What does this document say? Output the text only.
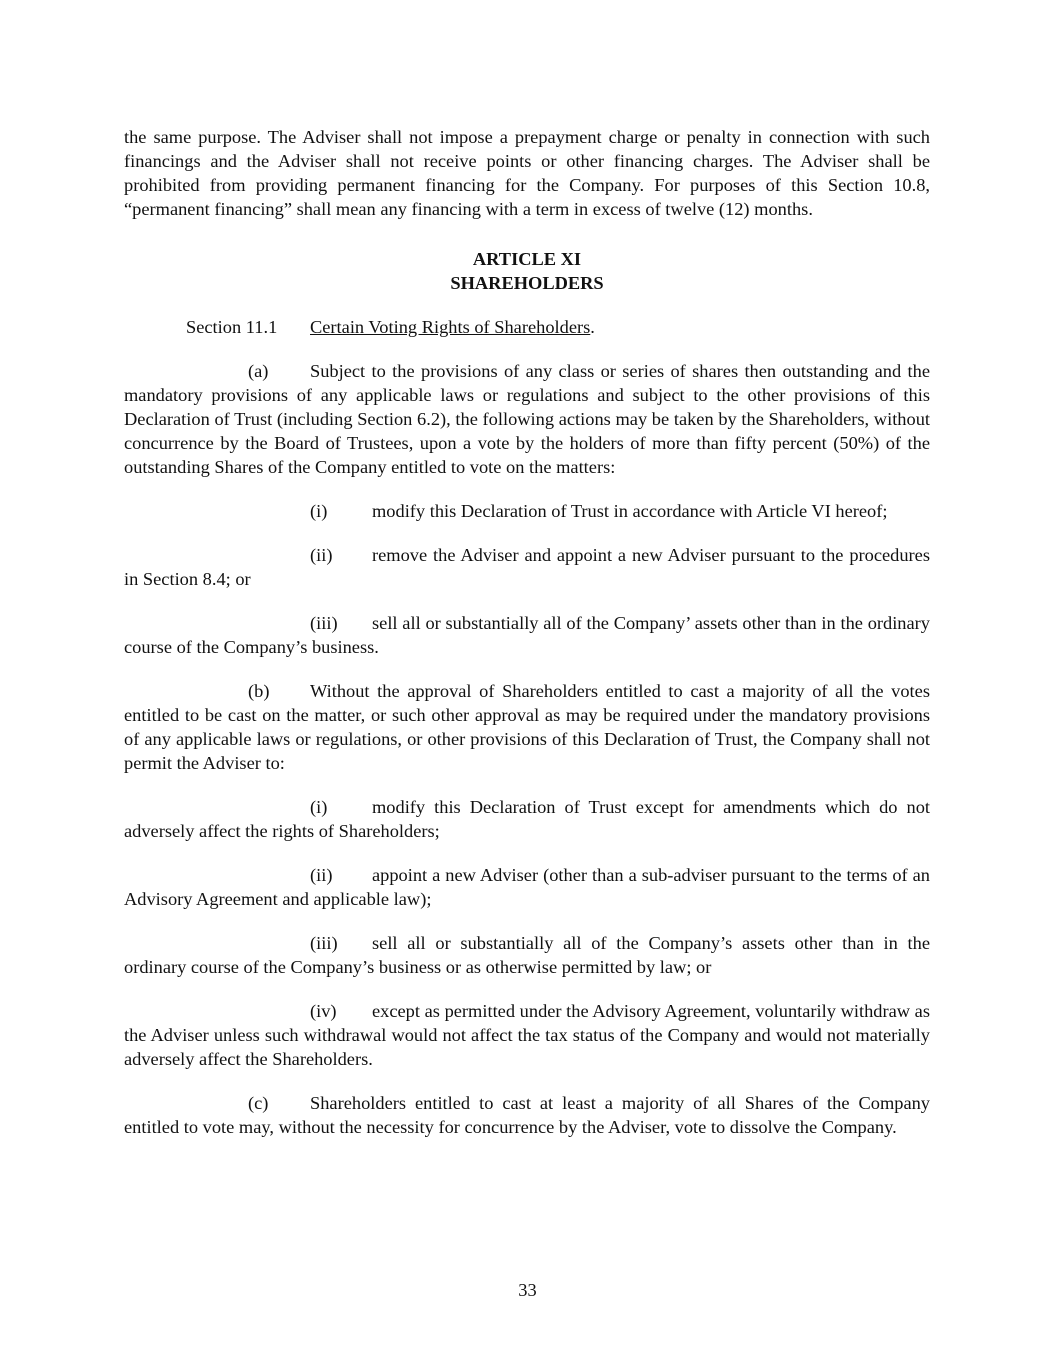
the same purpose. The Adviser shall not impose a prepayment charge or penalty in connection with such financings and the Adviser shall not receive points or other financing charges. The Adviser shall be prohibited from providing permanent financing for the Company. For purposes of this Section 10.8, “permanent financing” shall mean any financing with a term in excess of twelve (12) months.

ARTICLE XI

SHAREHOLDERS

Section 11.1 Certain Voting Rights of Shareholders.

(a) Subject to the provisions of any class or series of shares then outstanding and the mandatory provisions of any applicable laws or regulations and subject to the other provisions of this Declaration of Trust (including Section 6.2), the following actions may be taken by the Shareholders, without concurrence by the Board of Trustees, upon a vote by the holders of more than fifty percent (50%) of the outstanding Shares of the Company entitled to vote on the matters:

(i) modify this Declaration of Trust in accordance with Article VI hereof;

(ii) remove the Adviser and appoint a new Adviser pursuant to the procedures in Section 8.4; or

(iii) sell all or substantially all of the Company’ assets other than in the ordinary course of the Company’s business.

(b) Without the approval of Shareholders entitled to cast a majority of all the votes entitled to be cast on the matter, or such other approval as may be required under the mandatory provisions of any applicable laws or regulations, or other provisions of this Declaration of Trust, the Company shall not permit the Adviser to:

(i) modify this Declaration of Trust except for amendments which do not adversely affect the rights of Shareholders;

(ii) appoint a new Adviser (other than a sub-adviser pursuant to the terms of an Advisory Agreement and applicable law);

(iii) sell all or substantially all of the Company’s assets other than in the ordinary course of the Company’s business or as otherwise permitted by law; or

(iv) except as permitted under the Advisory Agreement, voluntarily withdraw as the Adviser unless such withdrawal would not affect the tax status of the Company and would not materially adversely affect the Shareholders.

(c) Shareholders entitled to cast at least a majority of all Shares of the Company entitled to vote may, without the necessity for concurrence by the Adviser, vote to dissolve the Company.

33
